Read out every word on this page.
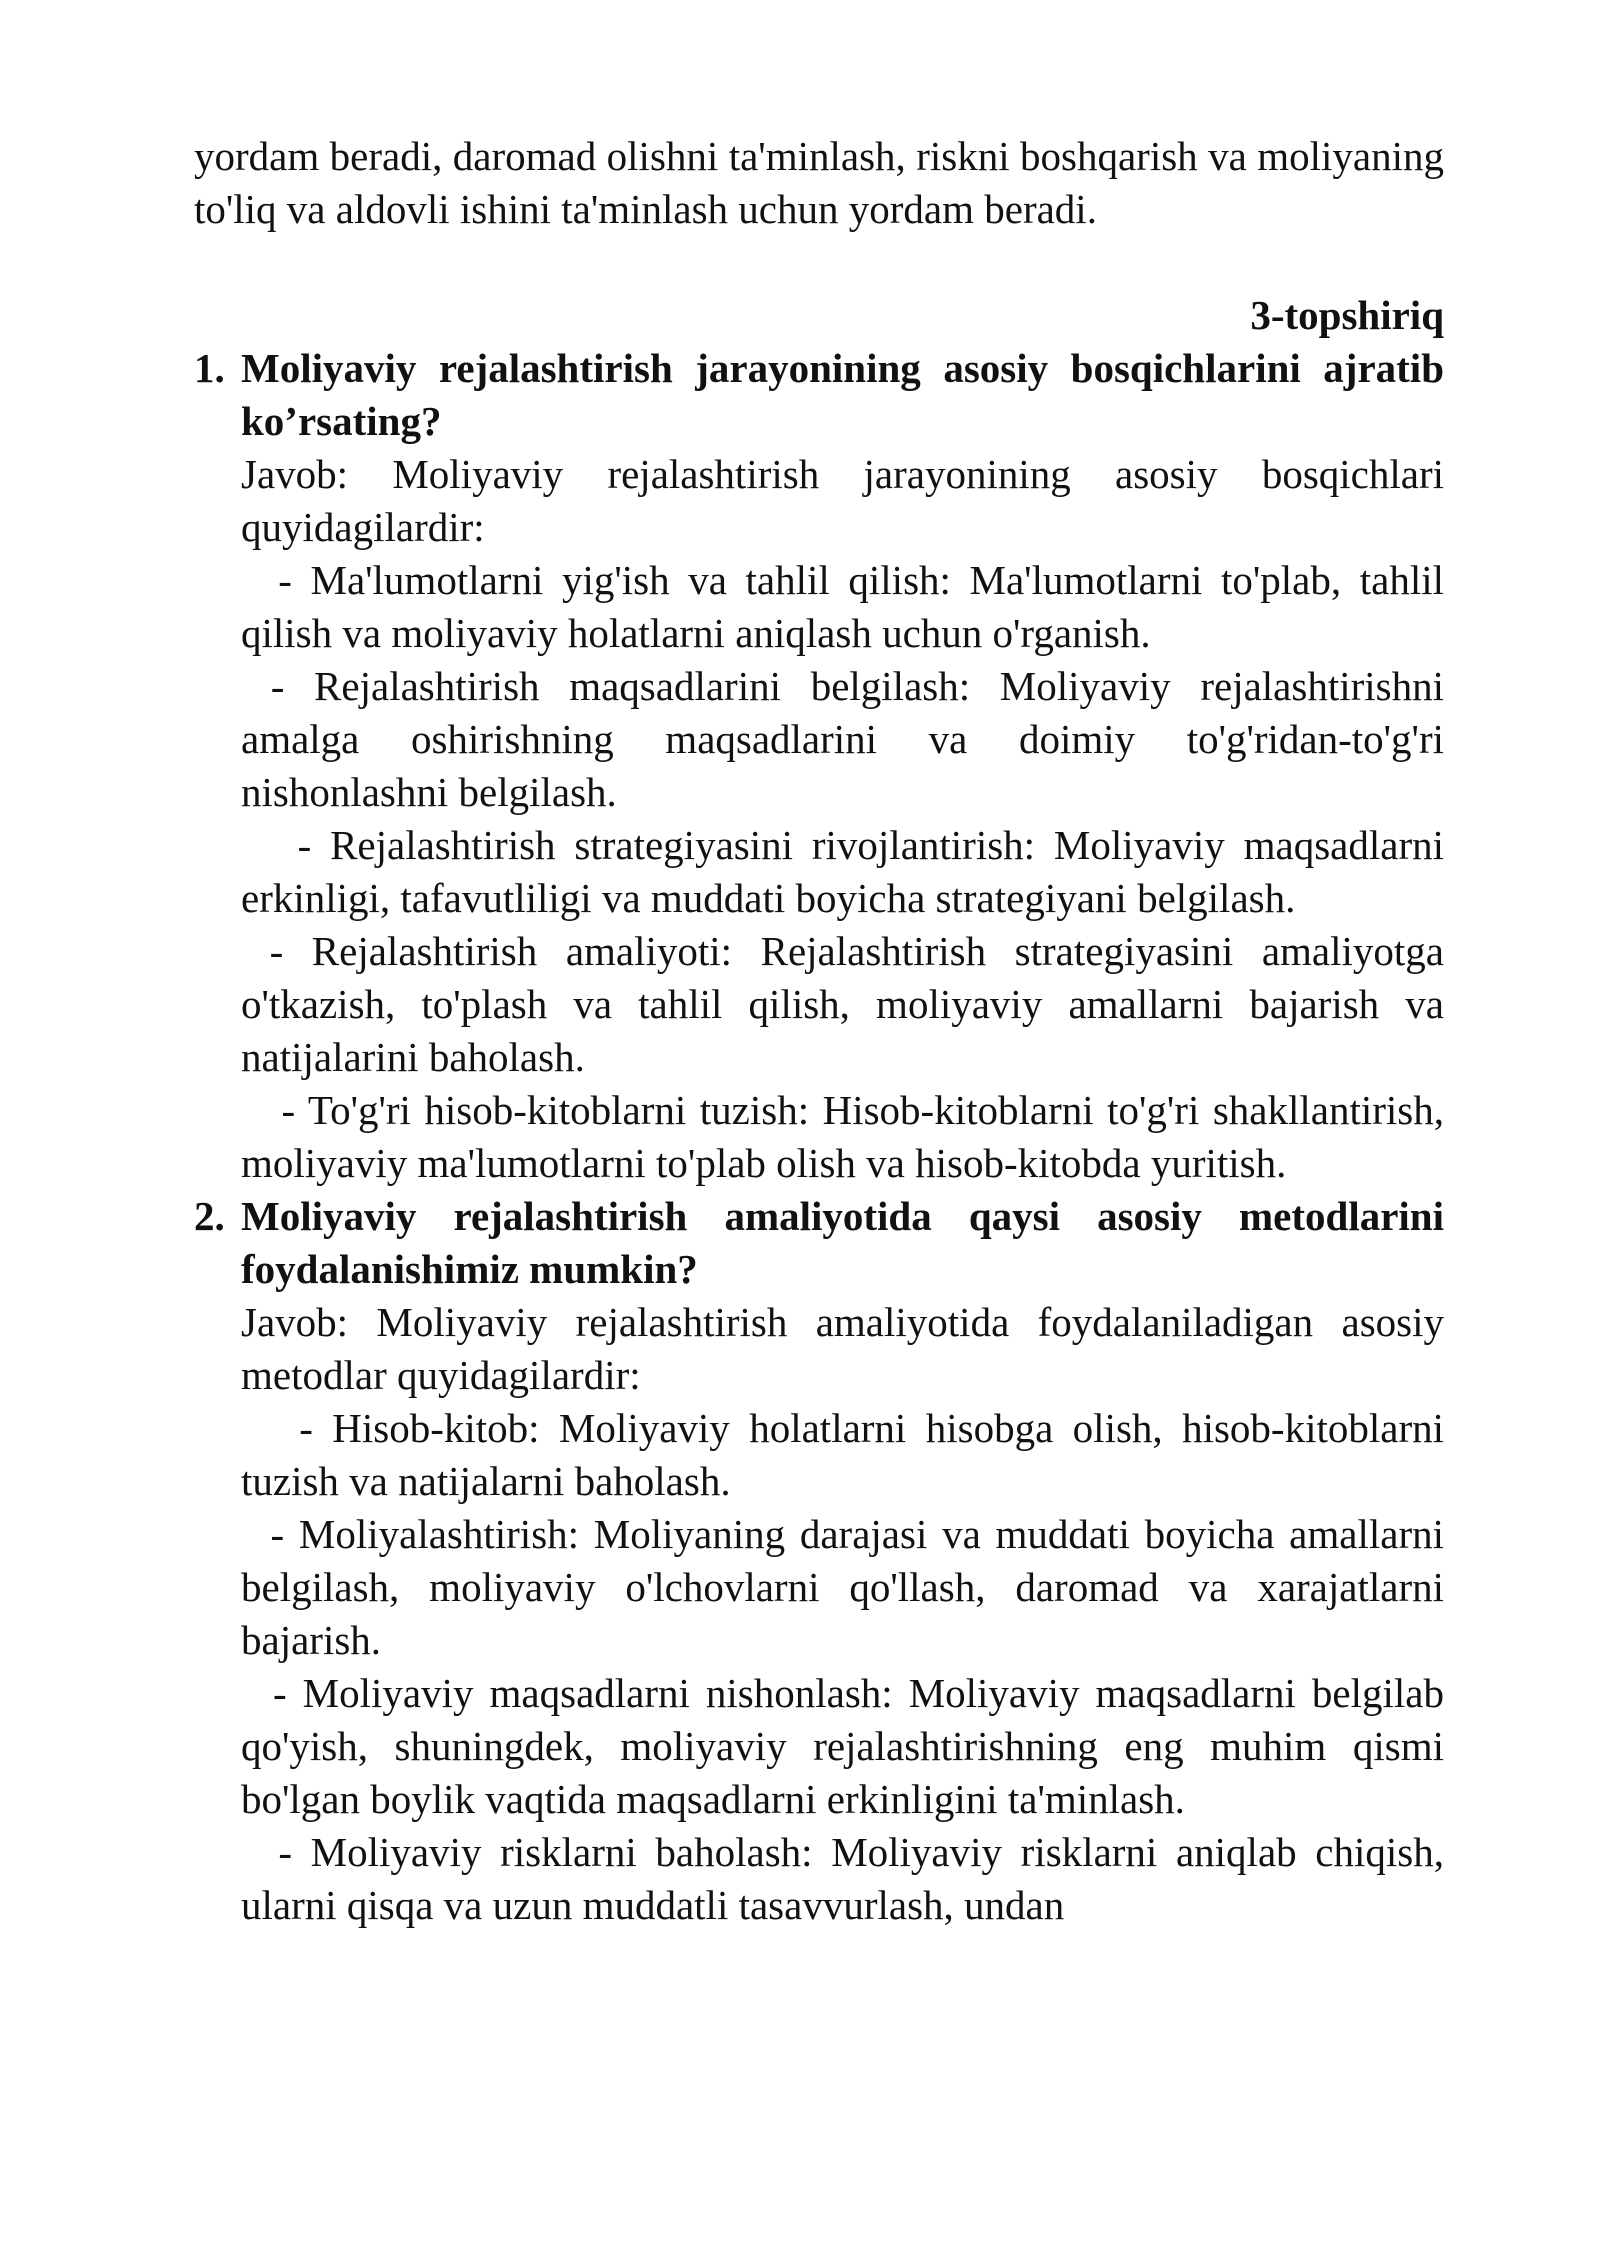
yordam beradi, daromad olishni ta'minlash, riskni boshqarish va moliyaning to'liq va aldovli ishini ta'minlash uchun yordam beradi.

3-topshiriq

1. Moliyaviy rejalashtirish jarayonining asosiy bosqichlarini ajratib ko’rsating?

Javob: Moliyaviy rejalashtirish jarayonining asosiy bosqichlari quyidagilardir:

- Ma'lumotlarni yig'ish va tahlil qilish: Ma'lumotlarni to'plab, tahlil qilish va moliyaviy holatlarni aniqlash uchun o'rganish.

- Rejalashtirish maqsadlarini belgilash: Moliyaviy rejalashtirishni amalga oshirishning maqsadlarini va doimiy to'g'ridan-to'g'ri nishonlashni belgilash.

- Rejalashtirish strategiyasini rivojlantirish: Moliyaviy maqsadlarni erkinligi, tafavutliligi va muddati boyicha strategiyani belgilash.

- Rejalashtirish amaliyoti: Rejalashtirish strategiyasini amaliyotga o'tkazish, to'plash va tahlil qilish, moliyaviy amallarni bajarish va natijalarini baholash.

- To'g'ri hisob-kitoblarni tuzish: Hisob-kitoblarni to'g'ri shakllantirish, moliyaviy ma'lumotlarni to'plab olish va hisob-kitobda yuritish.

2. Moliyaviy rejalashtirish amaliyotida qaysi asosiy metodlarini foydalanishimiz mumkin?

Javob: Moliyaviy rejalashtirish amaliyotida foydalaniladigan asosiy metodlar quyidagilardir:

- Hisob-kitob: Moliyaviy holatlarni hisobga olish, hisob-kitoblarni tuzish va natijalarni baholash.

- Moliyalashtirish: Moliyaning darajasi va muddati boyicha amallarni belgilash, moliyaviy o'lchovlarni qo'llash, daromad va xarajatlarni bajarish.

- Moliyaviy maqsadlarni nishonlash: Moliyaviy maqsadlarni belgilab qo'yish, shuningdek, moliyaviy rejalashtirishning eng muhim qismi bo'lgan boylik vaqtida maqsadlarni erkinligini ta'minlash.

- Moliyaviy risklarni baholash: Moliyaviy risklarni aniqlab chiqish, ularni qisqa va uzun muddatli tasavvurlash, undan
